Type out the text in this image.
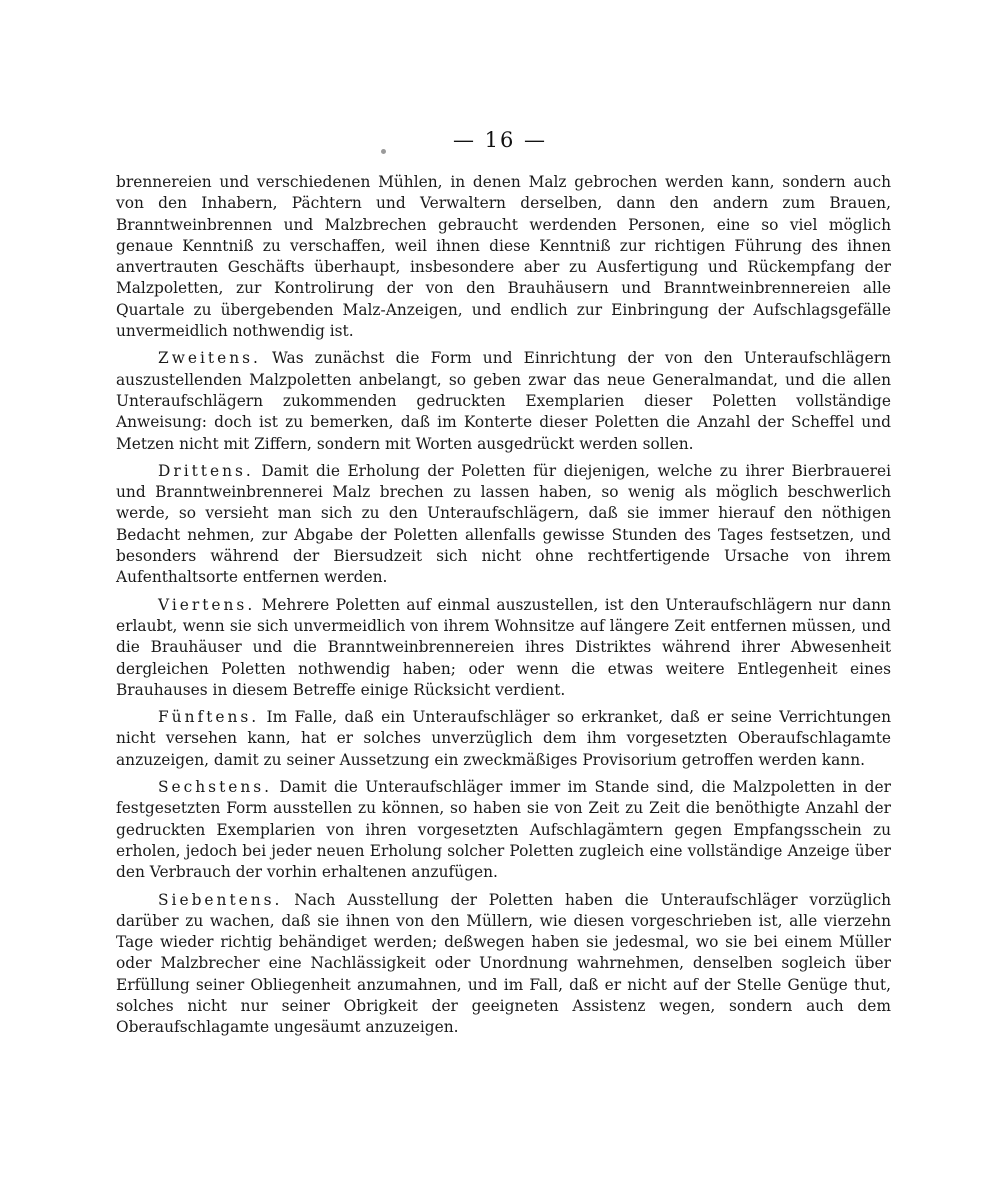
— 16 —

brennereien und verschiedenen Mühlen, in denen Malz gebrochen werden kann, sondern auch von den Inhabern, Pächtern und Verwaltern derselben, dann den andern zum Brauen, Branntweinbrennen und Malzbrechen gebraucht werdenden Personen, eine so viel möglich genaue Kenntniß zu verschaffen, weil ihnen diese Kenntniß zur richtigen Führung des ihnen anvertrauten Geschäfts überhaupt, insbesondere aber zu Ausfertigung und Rückempfang der Malzpoletten, zur Kontrolirung der von den Brauhäusern und Branntweinbrennereien alle Quartale zu übergebenden Malz-Anzeigen, und endlich zur Einbringung der Aufschlagsgefälle unvermeidlich nothwendig ist.

Zweitens. Was zunächst die Form und Einrichtung der von den Unteraufschlägern auszustellenden Malzpoletten anbelangt, so geben zwar das neue Generalmandat, und die allen Unteraufschlägern zukommenden gedruckten Exemplarien dieser Poletten vollständige Anweisung: doch ist zu bemerken, daß im Konterte dieser Poletten die Anzahl der Scheffel und Metzen nicht mit Ziffern, sondern mit Worten ausgedrückt werden sollen.

Drittens. Damit die Erholung der Poletten für diejenigen, welche zu ihrer Bierbrauerei und Branntweinbrennerei Malz brechen zu lassen haben, so wenig als möglich beschwerlich werde, so versieht man sich zu den Unteraufschlägern, daß sie immer hierauf den nöthigen Bedacht nehmen, zur Abgabe der Poletten allenfalls gewisse Stunden des Tages festsetzen, und besonders während der Biersudzeit sich nicht ohne rechtfertigende Ursache von ihrem Aufenthaltsorte entfernen werden.

Viertens. Mehrere Poletten auf einmal auszustellen, ist den Unteraufschlägern nur dann erlaubt, wenn sie sich unvermeidlich von ihrem Wohnsitze auf längere Zeit entfernen müssen, und die Brauhäuser und die Branntweinbrennereien ihres Distriktes während ihrer Abwesenheit dergleichen Poletten nothwendig haben; oder wenn die etwas weitere Entlegenheit eines Brauhauses in diesem Betreffe einige Rücksicht verdient.

Fünftens. Im Falle, daß ein Unteraufschläger so erkranket, daß er seine Verrichtungen nicht versehen kann, hat er solches unverzüglich dem ihm vorgesetzten Oberaufschlagamte anzuzeigen, damit zu seiner Aussetzung ein zweckmäßiges Provisorium getroffen werden kann.

Sechstens. Damit die Unteraufschläger immer im Stande sind, die Malzpoletten in der festgesetzten Form ausstellen zu können, so haben sie von Zeit zu Zeit die benöthigte Anzahl der gedruckten Exemplarien von ihren vorgesetzten Aufschlagämtern gegen Empfangsschein zu erholen, jedoch bei jeder neuen Erholung solcher Poletten zugleich eine vollständige Anzeige über den Verbrauch der vorhin erhaltenen anzufügen.

Siebentens. Nach Ausstellung der Poletten haben die Unteraufschläger vorzüglich darüber zu wachen, daß sie ihnen von den Müllern, wie diesen vorgeschrieben ist, alle vierzehn Tage wieder richtig behändiget werden; deßwegen haben sie jedesmal, wo sie bei einem Müller oder Malzbrecher eine Nachlässigkeit oder Unordnung wahrnehmen, denselben sogleich über Erfüllung seiner Obliegenheit anzumahnen, und im Fall, daß er nicht auf der Stelle Genüge thut, solches nicht nur seiner Obrigkeit der geeigneten Assistenz wegen, sondern auch dem Oberaufschlagamte ungesäumt anzuzeigen.
